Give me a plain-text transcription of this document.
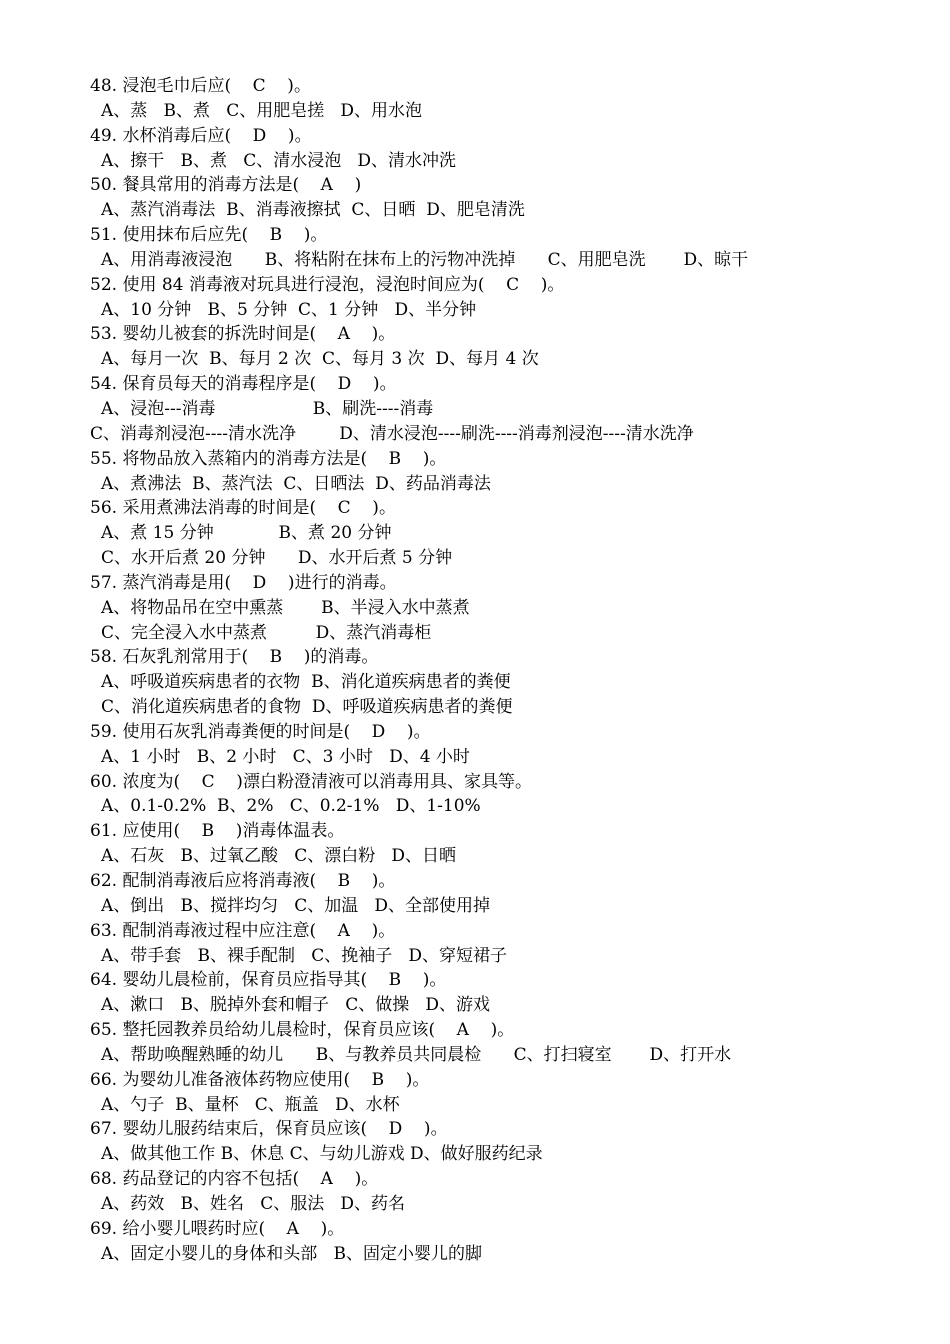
48. 浸泡毛巾后应(    C    )。
A、蒸   B、煮   C、用肥皂搓   D、用水泡
49. 水杯消毒后应(    D    )。
A、擦干   B、煮   C、清水浸泡   D、清水冲洗
50. 餐具常用的消毒方法是(    A    )
A、蒸汽消毒法  B、消毒液擦拭  C、日晒  D、肥皂清洗
51. 使用抹布后应先(    B    )。
A、用消毒液浸泡      B、将粘附在抹布上的污物冲洗掉      C、用肥皂洗       D、晾干
52. 使用 84 消毒液对玩具进行浸泡，浸泡时间应为(    C    )。
A、10 分钟   B、5 分钟  C、1 分钟   D、半分钟
53. 婴幼儿被套的拆洗时间是(    A    )。
A、每月一次  B、每月 2 次  C、每月 3 次  D、每月 4 次
54. 保育员每天的消毒程序是(    D    )。
A、浸泡---消毒                  B、刷洗----消毒
C、消毒剂浸泡----清水洗净        D、清水浸泡----刷洗----消毒剂浸泡----清水洗净
55. 将物品放入蒸箱内的消毒方法是(    B    )。
A、煮沸法  B、蒸汽法  C、日晒法  D、药品消毒法
56. 采用煮沸法消毒的时间是(    C    )。
A、煮 15 分钟            B、煮 20 分钟
C、水开后煮 20 分钟      D、水开后煮 5 分钟
57. 蒸汽消毒是用(    D    )进行的消毒。
A、将物品吊在空中熏蒸       B、半浸入水中蒸煮
C、完全浸入水中蒸煮         D、蒸汽消毒柜
58. 石灰乳剂常用于(    B    )的消毒。
A、呼吸道疾病患者的衣物  B、消化道疾病患者的粪便
C、消化道疾病患者的食物  D、呼吸道疾病患者的粪便
59. 使用石灰乳消毒粪便的时间是(    D    )。
A、1 小时   B、2 小时   C、3 小时   D、4 小时
60. 浓度为(    C    )漂白粉澄清液可以消毒用具、家具等。
A、0.1-0.2%  B、2%   C、0.2-1%   D、1-10%
61. 应使用(    B    )消毒体温表。
A、石灰   B、过氧乙酸   C、漂白粉   D、日晒
62. 配制消毒液后应将消毒液(    B    )。
A、倒出   B、搅拌均匀   C、加温   D、全部使用掉
63. 配制消毒液过程中应注意(    A    )。
A、带手套   B、裸手配制   C、挽袖子   D、穿短裙子
64. 婴幼儿晨检前，保育员应指导其(    B    )。
A、漱口   B、脱掉外套和帽子   C、做操   D、游戏
65. 整托园教养员给幼儿晨检时，保育员应该(    A    )。
A、帮助唤醒熟睡的幼儿      B、与教养员共同晨检      C、打扫寝室       D、打开水
66. 为婴幼儿准备液体药物应使用(    B    )。
A、勺子  B、量杯   C、瓶盖   D、水杯
67. 婴幼儿服药结束后，保育员应该(    D    )。
A、做其他工作 B、休息 C、与幼儿游戏 D、做好服药纪录
68. 药品登记的内容不包括(    A    )。
A、药效   B、姓名   C、服法   D、药名
69. 给小婴儿喂药时应(    A    )。
A、固定小婴儿的身体和头部   B、固定小婴儿的脚
